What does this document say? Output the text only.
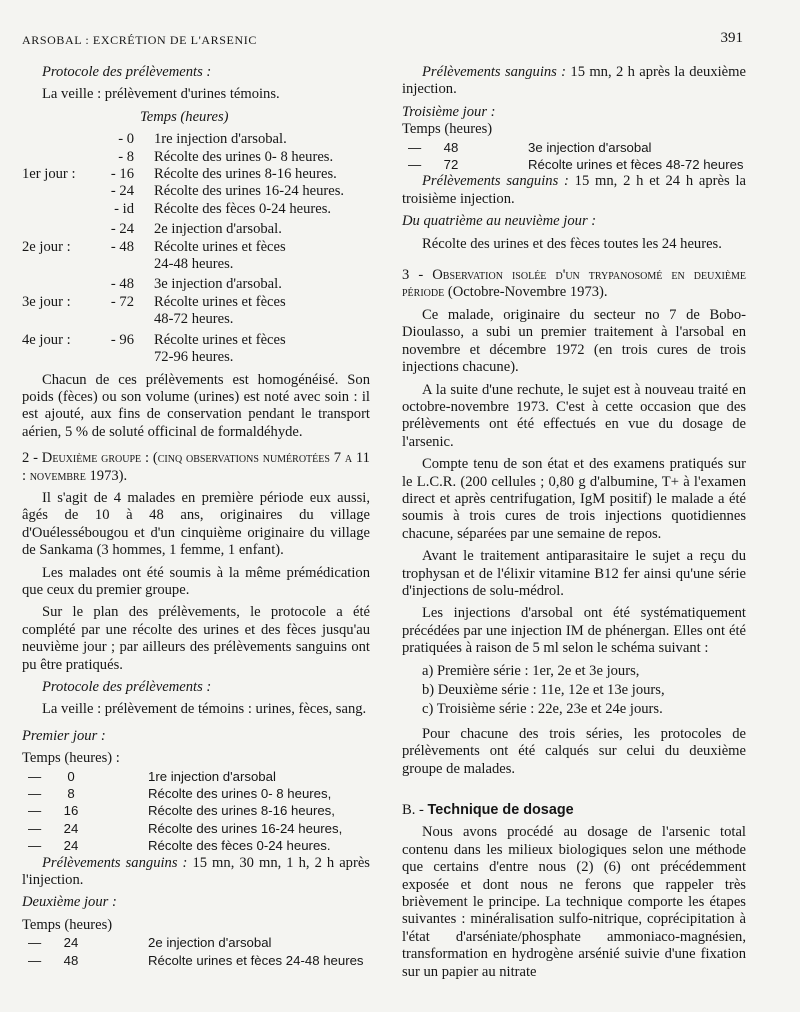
ARSOBAL : EXCRÉTION DE L'ARSENIC	391

Protocole des prélèvements :

La veille : prélèvement d'urines témoins.

Temps (heures)

- 0	1re injection d'arsobal.
- 8	Récolte des urines 0- 8 heures.
1er jour :	- 16	Récolte des urines 8-16 heures.
- 24	Récolte des urines 16-24 heures.
- id	Récolte des fèces 0-24 heures.
- 24	2e injection d'arsobal.
2e jour :	- 48	Récolte urines et fèces
24-48 heures.
- 48	3e injection d'arsobal.
3e jour :	- 72	Récolte urines et fèces
48-72 heures.
4e jour :	- 96	Récolte urines et fèces
72-96 heures.

Chacun de ces prélèvements est homogénéisé. Son poids (fèces) ou son volume (urines) est noté avec soin : il est ajouté, aux fins de conservation pendant le transport aérien, 5 % de soluté officinal de formaldéhyde.

2 - Deuxième groupe : (cinq observations numérotées 7 a 11 : novembre 1973).

Il s'agit de 4 malades en première période eux aussi, âgés de 10 à 48 ans, originaires du village d'Ouélessébougou et d'un cinquième originaire du village de Sankama (3 hommes, 1 femme, 1 enfant).

Les malades ont été soumis à la même prémédication que ceux du premier groupe.

Sur le plan des prélèvements, le protocole a été complété par une récolte des urines et des fèces jusqu'au neuvième jour ; par ailleurs des prélèvements sanguins ont pu être pratiqués.

Protocole des prélèvements :

La veille : prélèvement de témoins : urines, fèces, sang.

Premier jour :

Temps (heures) :

—	0	1re injection d'arsobal
—	8	Récolte des urines 0- 8 heures,
—	16	Récolte des urines 8-16 heures,
—	24	Récolte des urines 16-24 heures,
—	24	Récolte des fèces 0-24 heures.

Prélèvements sanguins : 15 mn, 30 mn, 1 h, 2 h après l'injection.

Deuxième jour :

Temps (heures)

—	24	2e injection d'arsobal
—	48	Récolte urines et fèces 24-48 heures

Prélèvements sanguins : 15 mn, 2 h après la deuxième injection.

Troisième jour :

Temps (heures)

—	48	3e injection d'arsobal
—	72	Récolte urines et fèces 48-72 heures

Prélèvements sanguins : 15 mn, 2 h et 24 h après la troisième injection.

Du quatrième au neuvième jour :

Récolte des urines et des fèces toutes les 24 heures.

3 - Observation isolée d'un trypanosomé en deuxième période (Octobre-Novembre 1973).

Ce malade, originaire du secteur no 7 de Bobo-Dioulasso, a subi un premier traitement à l'arsobal en novembre et décembre 1972 (en trois cures de trois injections chacune).

A la suite d'une rechute, le sujet est à nouveau traité en octobre-novembre 1973. C'est à cette occasion que des prélèvements ont été effectués en vue du dosage de l'arsenic.

Compte tenu de son état et des examens pratiqués sur le L.C.R. (200 cellules ; 0,80 g d'albumine, T+ à l'examen direct et après centrifugation, IgM positif) le malade a été soumis à trois cures de trois injections quotidiennes chacune, séparées par une semaine de repos.

Avant le traitement antiparasitaire le sujet a reçu du trophysan et de l'élixir vitamine B12 fer ainsi qu'une série d'injections de solu-médrol.

Les injections d'arsobal ont été systématiquement précédées par une injection IM de phénergan. Elles ont été pratiquées à raison de 5 ml selon le schéma suivant :

a) Première série : 1er, 2e et 3e jours,

b) Deuxième série : 11e, 12e et 13e jours,

c) Troisième série : 22e, 23e et 24e jours.

Pour chacune des trois séries, les protocoles de prélèvements ont été calqués sur celui du deuxième groupe de malades.

B. - Technique de dosage

Nous avons procédé au dosage de l'arsenic total contenu dans les milieux biologiques selon une méthode que certains d'entre nous (2) (6) ont précédemment exposée et dont nous ne ferons que rappeler très brièvement le principe. La technique comporte les étapes suivantes : minéralisation sulfo-nitrique, coprécipitation à l'état d'arséniate/phosphate ammoniaco-magnésien, transformation en hydrogène arsénié suivie d'une fixation sur un papier au nitrate
